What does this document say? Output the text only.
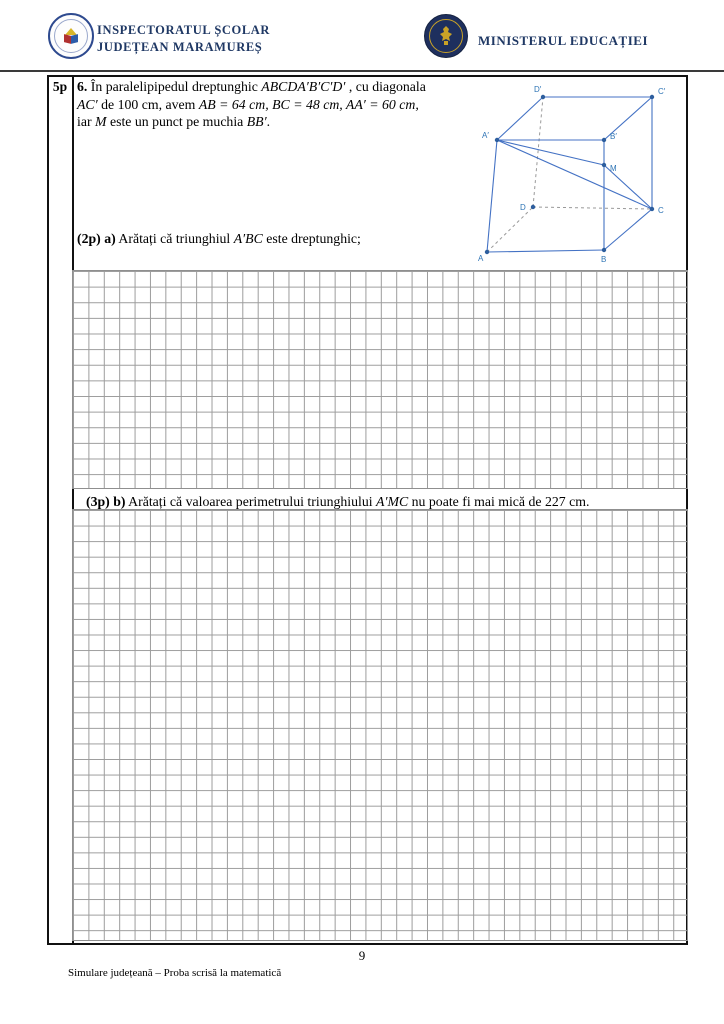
INSPECTORATUL ȘCOLAR
JUDEȚEAN MARAMUREȘ	MINISTERUL EDUCAȚIEI
5p 6. În paralelipipedul dreptunghic ABCDA′B′C′D′ , cu diagonala
AC′ de 100 cm, avem AB = 64 cm, BC = 48 cm, AA′ = 60 cm,
iar M este un punct pe muchia BB′.
(2p) a) Arătați că triunghiul A′BC este dreptunghic;
A	B
C
D
A′	B′
C′
D′
M
(3p) b) Arătați că valoarea perimetrului triunghiului A′MC nu poate fi mai mică de 227 cm.
9
Simulare județeană – Proba scrisă la matematică
